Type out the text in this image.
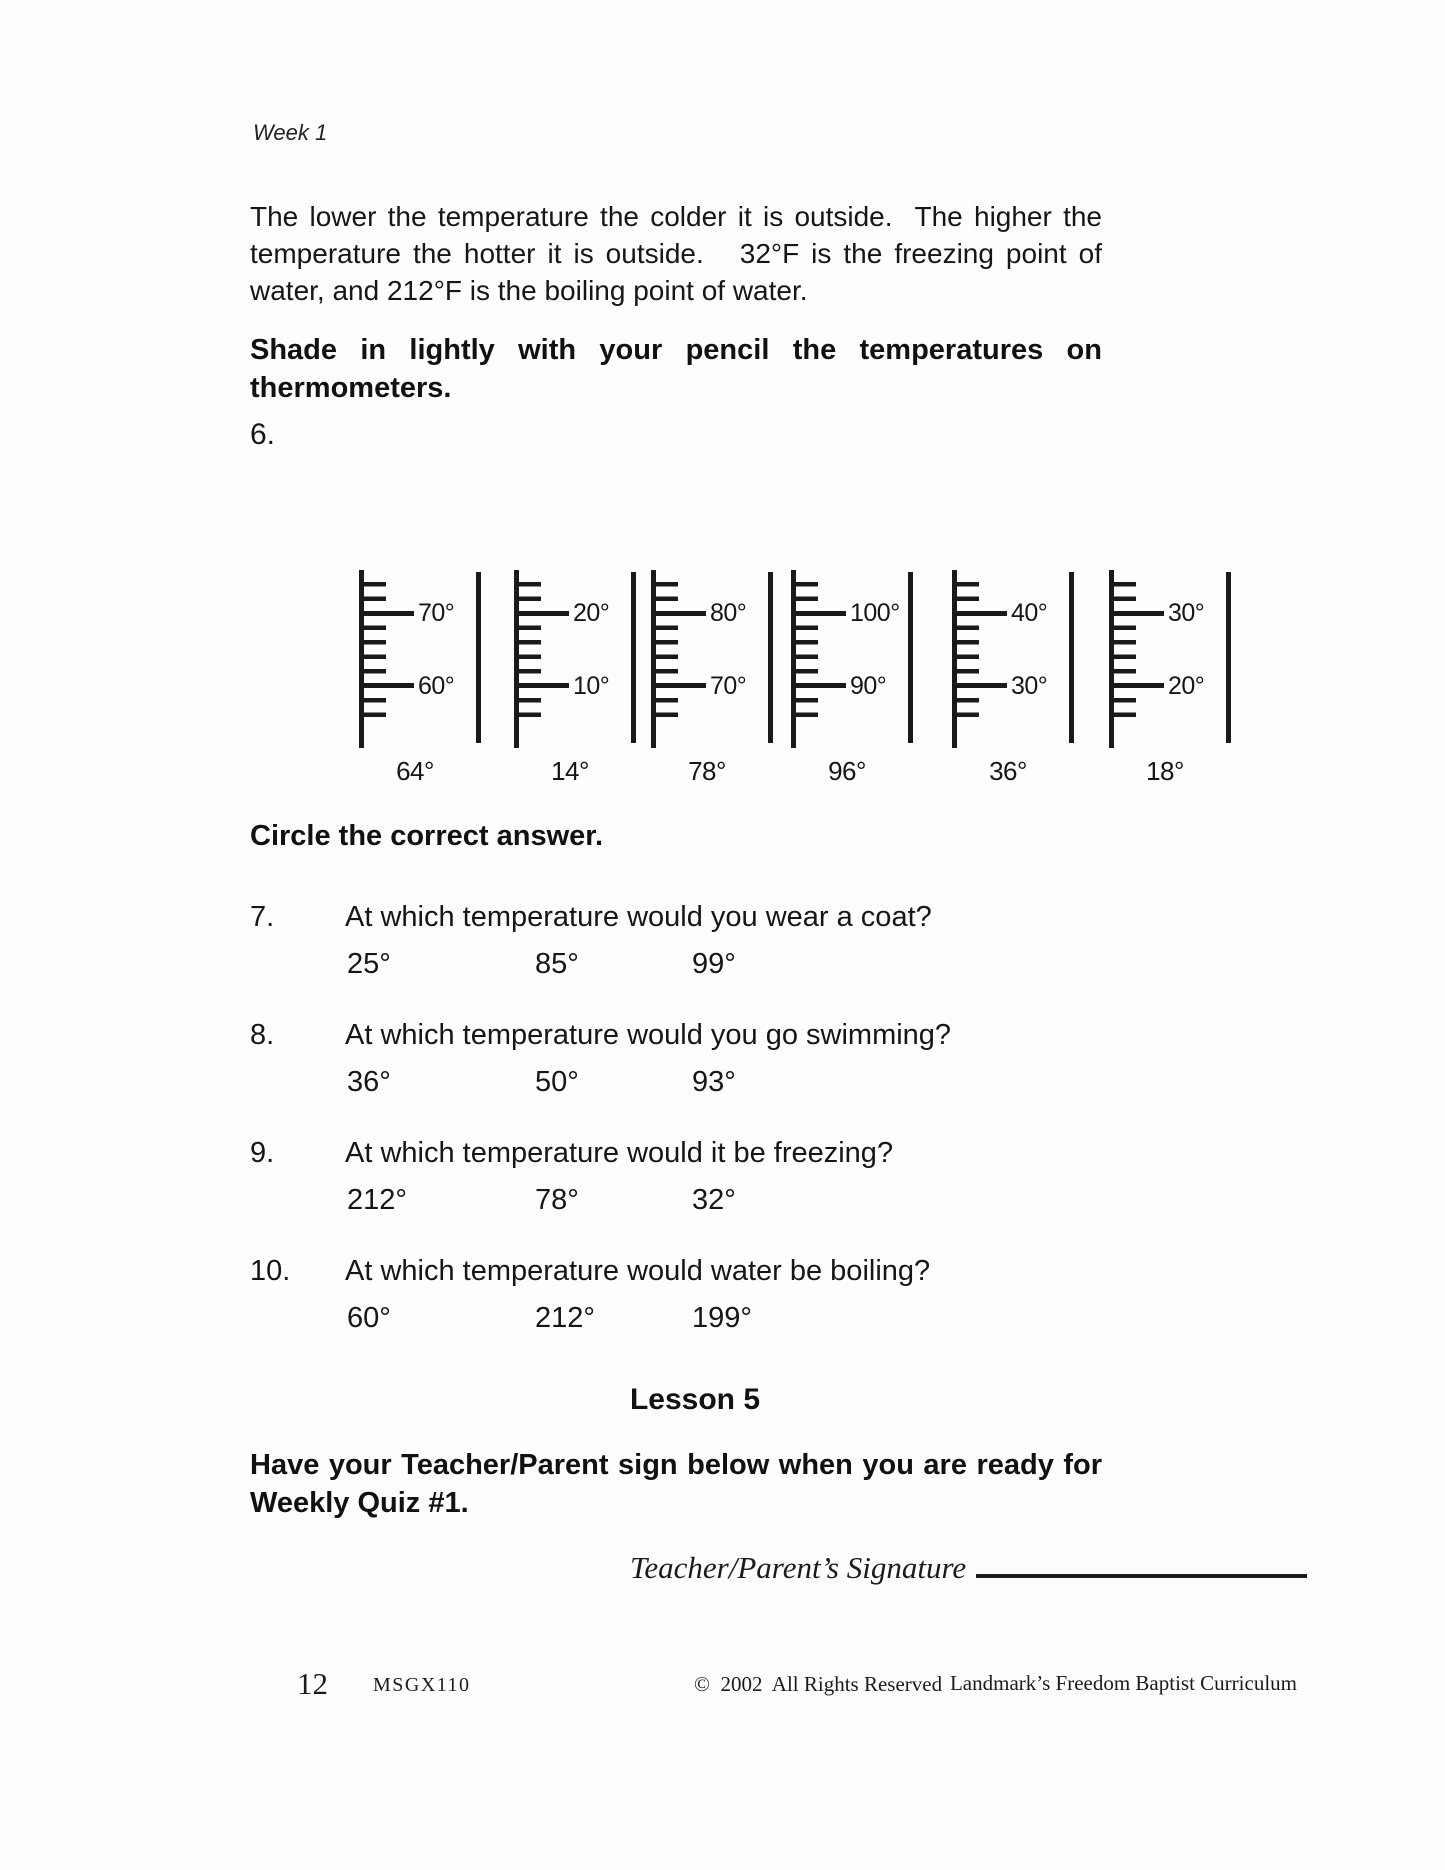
Week 1
The lower the temperature the colder it is outside.  The higher the temperature the hotter it is outside.   32°F is the freezing point of water, and 212°F is the boiling point of water.
Shade in lightly with your pencil the temperatures on thermometers.
6.
70°
60°
64°
20°
10°
14°
80°
70°
78°
100°
90°
96°
40°
30°
36°
30°
20°
18°
Circle the correct answer.
7. At which temperature would you wear a coat?
25°	85°	99°
8. At which temperature would you go swimming?
36°	50°	93°
9. At which temperature would it be freezing?
212°	78°	32°
10. At which temperature would water be boiling?
60°	212°	199°
Lesson 5
Have your Teacher/Parent sign below when you are ready for Weekly Quiz #1.
Teacher/Parent’s Signature
12 MSGX110	©  2002  All Rights Reserved Landmark’s Freedom Baptist Curriculum
